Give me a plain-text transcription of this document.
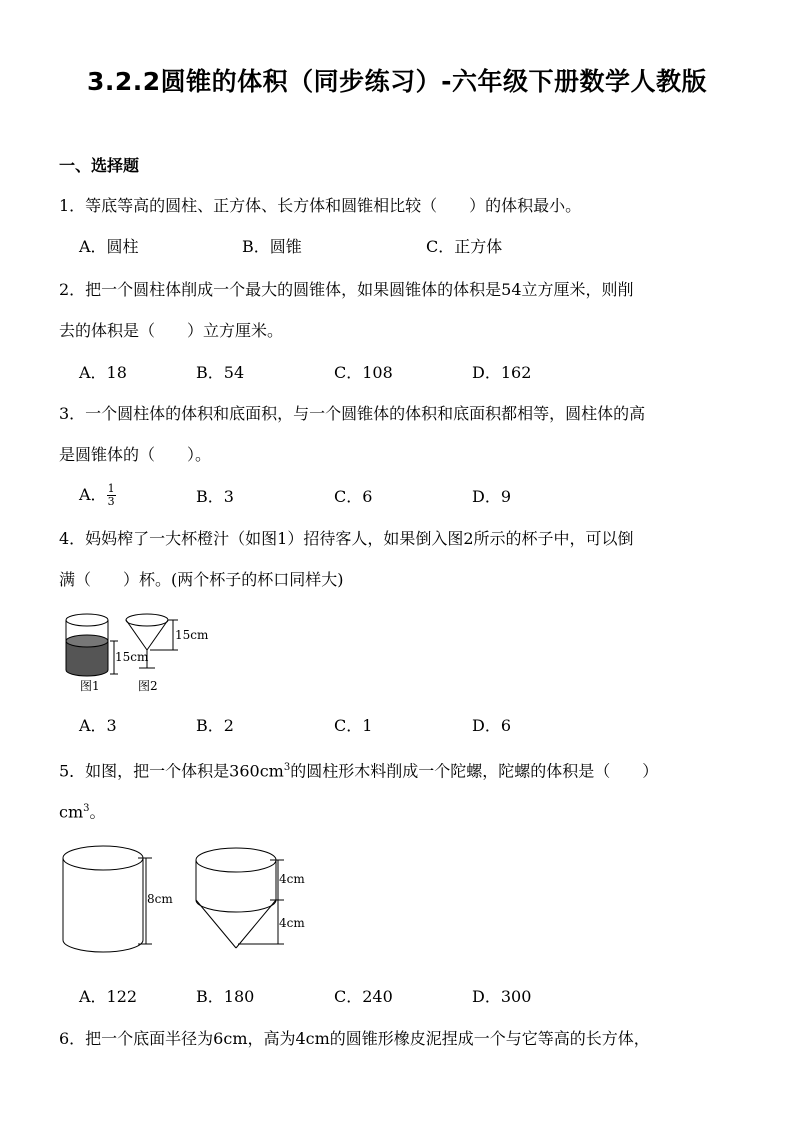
3.2.2圆锥的体积（同步练习）-六年级下册数学人教版
一、选择题
1．等底等高的圆柱、正方体、长方体和圆锥相比较（　　）的体积最小。
A．圆柱	B．圆锥	C．正方体
2．把一个圆柱体削成一个最大的圆锥体，如果圆锥体的体积是54立方厘米，则削
去的体积是（　　）立方厘米。
A．18	B．54	C．108	D．162
3．一个圆柱体的体积和底面积，与一个圆锥体的体积和底面积都相等，圆柱体的高
是圆锥体的（　　）。
A． $\frac{1}{3}$	B．3	C．6	D．9
4．妈妈榨了一大杯橙汁（如图1）招待客人，如果倒入图2所示的杯子中，可以倒
满（　　）杯。(两个杯子的杯口同样大)
15cm
15cm
图1	图2
A．3	B．2	C．1	D．6
5．如图，把一个体积是$360cm^3$的圆柱形木料削成一个陀螺，陀螺的体积是（　　）
$cm^3$。
8cm
4cm
4cm
A．122	B．180	C．240	D．300
6．把一个底面半径为6cm，高为4cm的圆锥形橡皮泥捏成一个与它等高的长方体，
